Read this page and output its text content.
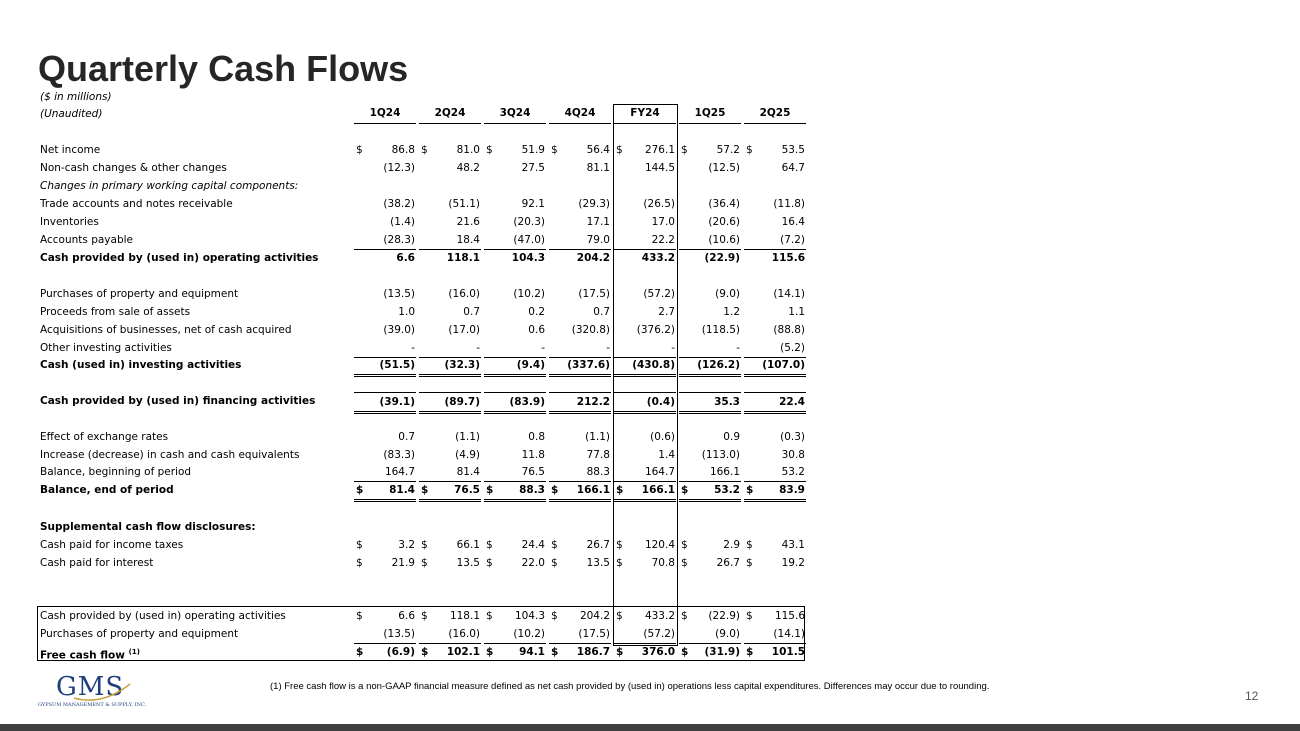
Quarterly Cash Flows
($ in millions)
(Unaudited)	1Q24	2Q24	3Q24	4Q24	FY24	1Q25	2Q25
Net income	$	86.8 $	81.0 $	51.9 $	56.4 $ 276.1 $	57.2 $	53.5
Non-cash changes & other changes	(12.3)	48.2	27.5	81.1	144.5	(12.5)	64.7
Changes in primary working capital components:
Trade accounts and notes receivable	(38.2)	(51.1)	92.1	(29.3)	(26.5)	(36.4)	(11.8)
Inventories	(1.4)	21.6	(20.3)	17.1	17.0	(20.6)	16.4
Accounts payable	(28.3)	18.4	(47.0)	79.0	22.2	(10.6)	(7.2)
Cash provided by (used in) operating activities	6.6	118.1	104.3	204.2	433.2	(22.9)	115.6
Purchases of property and equipment	(13.5)	(16.0)	(10.2)	(17.5)	(57.2)	(9.0)	(14.1)
Proceeds from sale of assets	1.0	0.7	0.2	0.7	2.7	1.2	1.1
Acquisitions of businesses, net of cash acquired	(39.0)	(17.0)	0.6	(320.8)	(376.2)	(118.5)	(88.8)
Other investing activities	-	-	-	-	-	-	(5.2)
Cash (used in) investing activities	(51.5)	(32.3)	(9.4) (337.6) (430.8) (126.2) (107.0)
Cash provided by (used in) financing activities	(39.1)	(89.7)	(83.9)	212.2	(0.4)	35.3	22.4
Effect of exchange rates	0.7	(1.1)	0.8	(1.1)	(0.6)	0.9	(0.3)
Increase (decrease) in cash and cash equivalents	(83.3)	(4.9)	11.8	77.8	1.4	(113.0)	30.8
Balance, beginning of period	164.7	81.4	76.5	88.3	164.7	166.1	53.2
Balance, end of period	$ 81.4 $ 76.5 $ 88.3 $ 166.1 $ 166.1 $ 53.2 $ 83.9
Supplemental cash flow disclosures:
Cash paid for income taxes	$	3.2 $	66.1 $	24.4 $	26.7 $ 120.4 $	2.9 $	43.1
Cash paid for interest	$	21.9 $	13.5 $	22.0 $	13.5 $	70.8 $	26.7 $	19.2
Cash provided by (used in) operating activities	$	6.6 $ 118.1 $ 104.3 $ 204.2 $ 433.2 $ (22.9) $ 115.6
Purchases of property and equipment	(13.5)	(16.0)	(10.2)	(17.5)	(57.2)	(9.0)	(14.1)
Free cash flow $^{(1)}$	$ (6.9) $ 102.1 $ 94.1 $ 186.7 $ 376.0 $ (31.9) $ 101.5
GMS
GYPSUM MANAGEMENT & SUPPLY, INC.
(1) Free cash flow is a non-GAAP financial measure defined as net cash provided by (used in) operations less capital expenditures. Differences may occur due to rounding.
12
